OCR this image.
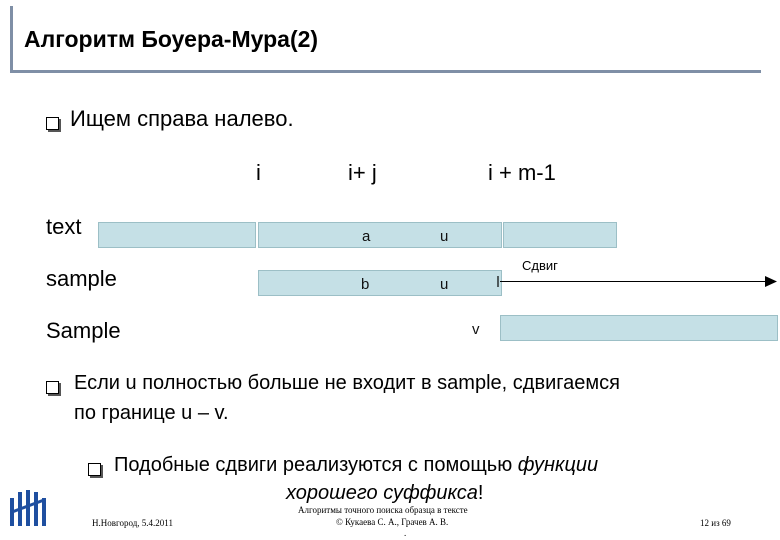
Алгоритм Боуера-Мура(2)
Ищем справа налево.
i	i+ j	i + m-1
text
sample
Sample
a	u
b	u
Сдвиг
v
Если u полностью больше не входит в sample, сдвигаемся
по границе u – v.
Подобные сдвиги реализуются с помощью функции
хорошего суффикса!
Н.Новгород, 5.4.2011
Алгоритмы точного поиска образца в тексте
© Кукаева С. А., Грачев А. В.
.
12 из 69
